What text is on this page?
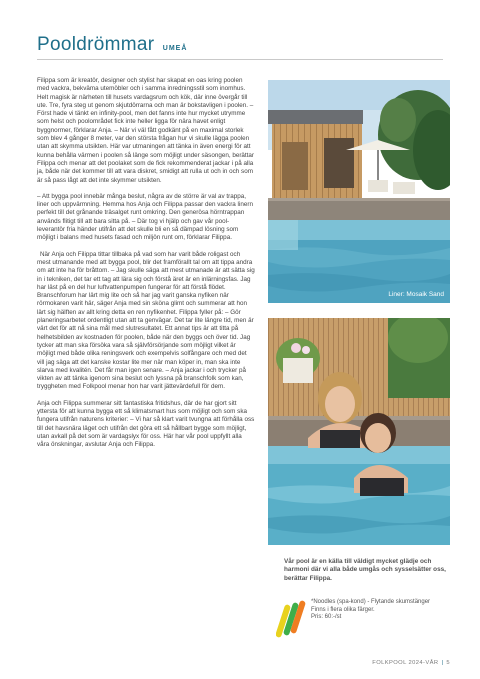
Pooldrömmar UMEÅ

Filippa som är kreatör, designer och stylist har skapat en oas kring poolen med vackra, bekväma utemöbler och i samma inredningsstil som inomhus. Helt magisk är närheten till husets vardagsrum och kök, där inne övergår till ute. Tre, fyra steg ut genom skjutdörrarna och man är bokstavligen i poolen. – Först hade vi tänkt en infinity-pool, men det fanns inte hur mycket utrymme som helst och poolområdet fick inte heller ligga för nära havet enligt byggnormer, förklarar Anja. – När vi väl fått godkänt på en maximal storlek som blev 4 gånger 8 meter, var den största frågan hur vi skulle lägga poolen utan att skymma utsikten. Här var utmaningen att tänka in även energi för att kunna behålla värmen i poolen så länge som möjligt under säsongen, berättar Filippa och menar att det poolaket som de fick rekommenderat jackar i på alla ja, både när det kommer till att vara diskret, smidigt att rulla ut och in och som är så pass lågt att det inte skymmer utsikten.

– Att bygga pool innebär många beslut, några av de större är val av trappa, liner och uppvärmning. Hemma hos Anja och Filippa passar den vackra linern perfekt till det grånande träsalget runt omkring. Den generösa hörntrappan används flitigt till att bara sitta på. – Där tog vi hjälp och gav vår pool-leverantör fria händer utifrån att det skulle bli en så dämpad lösning som möjligt i balans med husets fasad och miljön runt om, förklarar Filippa.

När Anja och Filippa tittar tillbaka på vad som har varit både roligast och mest utmanande med att bygga pool, blir det framförallt tal om att tippa andra om att inte ha för bråttom. – Jag skulle säga att mest utmanade är att sätta sig in i tekniken, det tar ett tag att lära sig och förstå äret är en inlärningsfas. Jag har läst på en del hur luftvattenpumpen fungerar för att förstå flödet. Branschforum har lärt mig lite och så har jag varit ganska nyfiken när rörmokaren varit här, säger Anja med sin sköna glimt och summerar att hon lärt sig hälften av allt kring detta en ren nyfikenhet. Filippa fyller på: – Gör planeringsarbetet ordentligt utan att ta genvägar. Det tar lite längre tid, men är värt det för att nå sina mål med slutresultatet. Ett annat tips är att titta på helhetsbilden av kostnaden för poolen, både när den byggs och över tid. Jag tycker att man ska försöka vara så självförsörjande som möjligt vilket är möjligt med både olika reningsverk och exempelvis solfångare och med det vill jag säga att det kanske kostar lite mer när man köper in, man ska inte slarva med kvalitén. Det får man igen senare. – Anja jackar i och trycker på vikten av att tänka igenom sina beslut och lyssna på branschfolk som kan, tryggheten med Folkpool menar hon har varit jättevärdefull för dem.

Anja och Filippa summerar sitt fantastiska fritidshus, där de har gjort sitt yttersta för att kunna bygga ett så klimatsmart hus som möjligt och som ska fungera utifrån naturens kriterier: – Vi har så klart varit tvungna att förhålla oss till det havsnära läget och utifrån det göra ett så hållbart bygge som möjligt, utan avkall på det som är vardagslyx för oss. Här har vår pool uppfyllt alla våra önskningar, avslutar Anja och Filippa.

Liner: Mosaik Sand
Vår pool är en källa till väldigt mycket glädje och harmoni där vi alla både umgås och sysselsätter oss, berättar Filippa.
*Noodles (spa-kond) - Flytande skumstänger
Finns i flera olika färger.
Pris: 60:-/st
FOLKPOOL 2024-VÅR | 5
